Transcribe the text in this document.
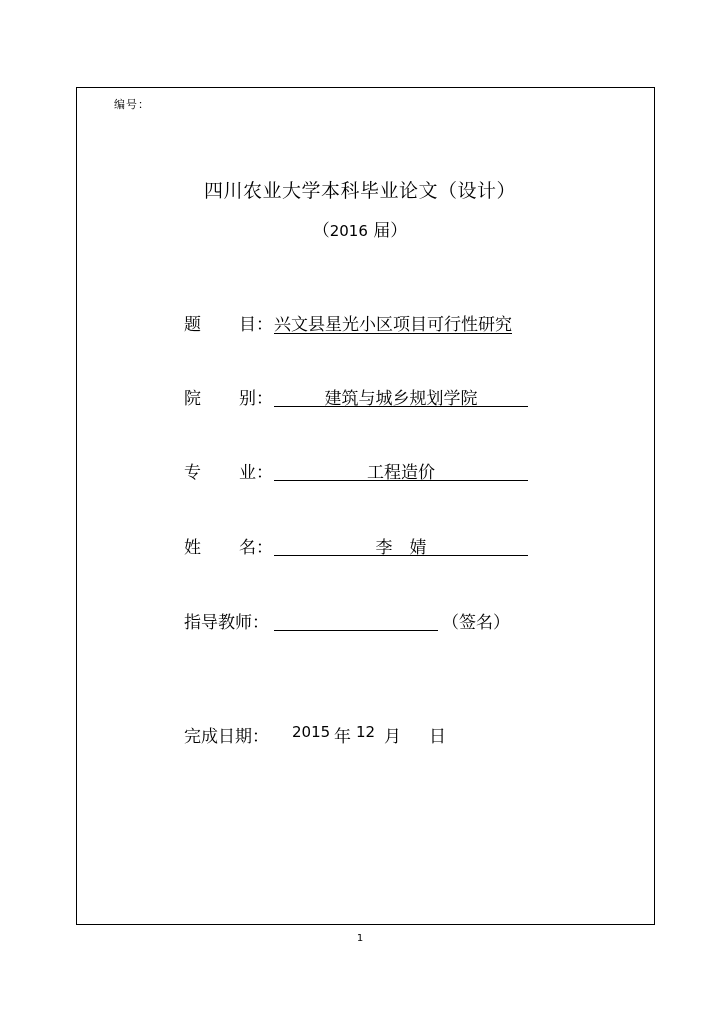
编号：
四川农业大学本科毕业论文（设计）
（2016 届）
题 目 ： 兴文县星光小区项目可行性研究
院 别 ：	建筑与城乡规划学院
专 业 ：	工程造价
姓 名 ：	李　婧
指导教师：	（签名）
完成日期： 2015 年 12 月 日
1
